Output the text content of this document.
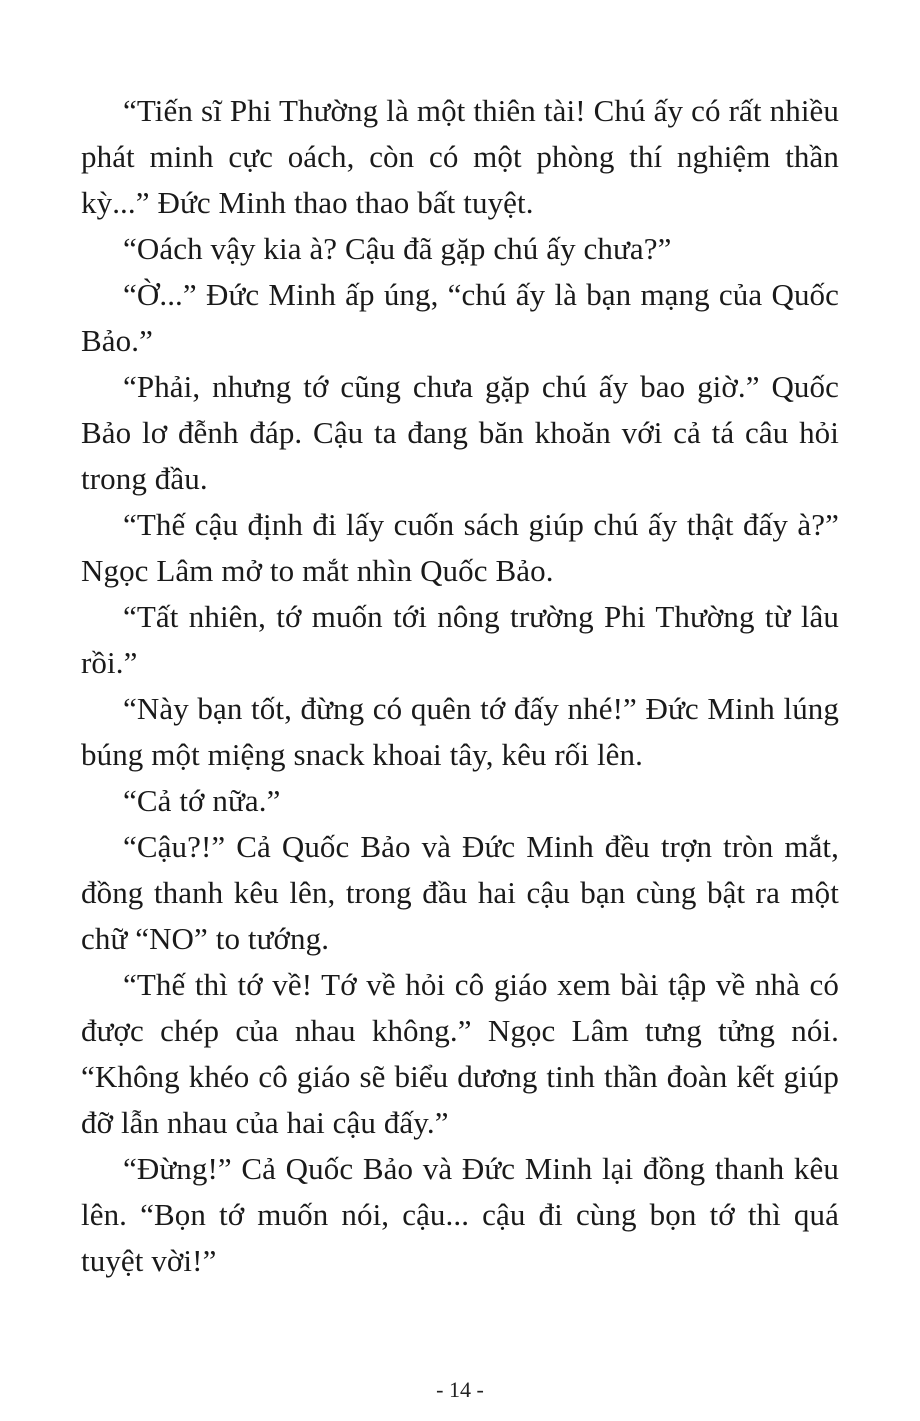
“Tiến sĩ Phi Thường là một thiên tài! Chú ấy có rất nhiều phát minh cực oách, còn có một phòng thí nghiệm thần kỳ...” Đức Minh thao thao bất tuyệt.

“Oách vậy kia à? Cậu đã gặp chú ấy chưa?”

“Ờ...” Đức Minh ấp úng, “chú ấy là bạn mạng của Quốc Bảo.”

“Phải, nhưng tớ cũng chưa gặp chú ấy bao giờ.” Quốc Bảo lơ đễnh đáp. Cậu ta đang băn khoăn với cả tá câu hỏi trong đầu.

“Thế cậu định đi lấy cuốn sách giúp chú ấy thật đấy à?” Ngọc Lâm mở to mắt nhìn Quốc Bảo.

“Tất nhiên, tớ muốn tới nông trường Phi Thường từ lâu rồi.”

“Này bạn tốt, đừng có quên tớ đấy nhé!” Đức Minh lúng búng một miệng snack khoai tây, kêu rối lên.

“Cả tớ nữa.”

“Cậu?!” Cả Quốc Bảo và Đức Minh đều trợn tròn mắt, đồng thanh kêu lên, trong đầu hai cậu bạn cùng bật ra một chữ “NO” to tướng.

“Thế thì tớ về! Tớ về hỏi cô giáo xem bài tập về nhà có được chép của nhau không.” Ngọc Lâm tưng tửng nói. “Không khéo cô giáo sẽ biểu dương tinh thần đoàn kết giúp đỡ lẫn nhau của hai cậu đấy.”

“Đừng!” Cả Quốc Bảo và Đức Minh lại đồng thanh kêu lên. “Bọn tớ muốn nói, cậu... cậu đi cùng bọn tớ thì quá tuyệt vời!”

- 14 -
